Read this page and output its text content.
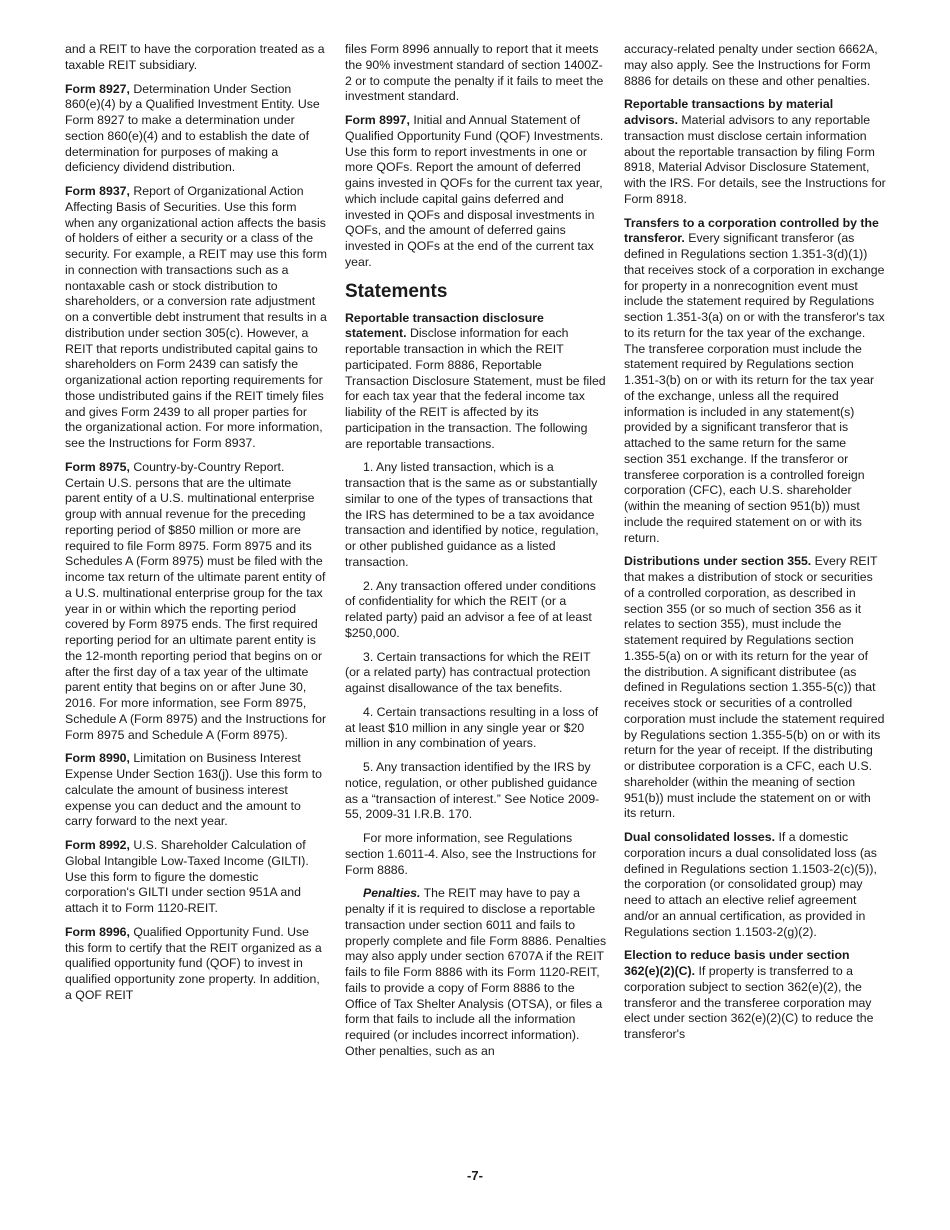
and a REIT to have the corporation treated as a taxable REIT subsidiary.

Form 8927, Determination Under Section 860(e)(4) by a Qualified Investment Entity. Use Form 8927 to make a determination under section 860(e)(4) and to establish the date of determination for purposes of making a deficiency dividend distribution.

Form 8937, Report of Organizational Action Affecting Basis of Securities. Use this form when any organizational action affects the basis of holders of either a security or a class of the security. For example, a REIT may use this form in connection with transactions such as a nontaxable cash or stock distribution to shareholders, or a conversion rate adjustment on a convertible debt instrument that results in a distribution under section 305(c). However, a REIT that reports undistributed capital gains to shareholders on Form 2439 can satisfy the organizational action reporting requirements for those undistributed gains if the REIT timely files and gives Form 2439 to all proper parties for the organizational action. For more information, see the Instructions for Form 8937.

Form 8975, Country-by-Country Report. Certain U.S. persons that are the ultimate parent entity of a U.S. multinational enterprise group with annual revenue for the preceding reporting period of $850 million or more are required to file Form 8975. Form 8975 and its Schedules A (Form 8975) must be filed with the income tax return of the ultimate parent entity of a U.S. multinational enterprise group for the tax year in or within which the reporting period covered by Form 8975 ends. The first required reporting period for an ultimate parent entity is the 12-month reporting period that begins on or after the first day of a tax year of the ultimate parent entity that begins on or after June 30, 2016. For more information, see Form 8975, Schedule A (Form 8975) and the Instructions for Form 8975 and Schedule A (Form 8975).

Form 8990, Limitation on Business Interest Expense Under Section 163(j). Use this form to calculate the amount of business interest expense you can deduct and the amount to carry forward to the next year.

Form 8992, U.S. Shareholder Calculation of Global Intangible Low-Taxed Income (GILTI). Use this form to figure the domestic corporation's GILTI under section 951A and attach it to Form 1120-REIT.

Form 8996, Qualified Opportunity Fund. Use this form to certify that the REIT organized as a qualified opportunity fund (QOF) to invest in qualified opportunity zone property. In addition, a QOF REIT

files Form 8996 annually to report that it meets the 90% investment standard of section 1400Z-2 or to compute the penalty if it fails to meet the investment standard.

Form 8997, Initial and Annual Statement of Qualified Opportunity Fund (QOF) Investments. Use this form to report investments in one or more QOFs. Report the amount of deferred gains invested in QOFs for the current tax year, which include capital gains deferred and invested in QOFs and disposal investments in QOFs, and the amount of deferred gains invested in QOFs at the end of the current tax year.

Statements

Reportable transaction disclosure statement. Disclose information for each reportable transaction in which the REIT participated. Form 8886, Reportable Transaction Disclosure Statement, must be filed for each tax year that the federal income tax liability of the REIT is affected by its participation in the transaction. The following are reportable transactions.

1. Any listed transaction, which is a transaction that is the same as or substantially similar to one of the types of transactions that the IRS has determined to be a tax avoidance transaction and identified by notice, regulation, or other published guidance as a listed transaction.

2. Any transaction offered under conditions of confidentiality for which the REIT (or a related party) paid an advisor a fee of at least $250,000.

3. Certain transactions for which the REIT (or a related party) has contractual protection against disallowance of the tax benefits.

4. Certain transactions resulting in a loss of at least $10 million in any single year or $20 million in any combination of years.

5. Any transaction identified by the IRS by notice, regulation, or other published guidance as a “transaction of interest.” See Notice 2009-55, 2009-31 I.R.B. 170.

For more information, see Regulations section 1.6011-4. Also, see the Instructions for Form 8886.

Penalties. The REIT may have to pay a penalty if it is required to disclose a reportable transaction under section 6011 and fails to properly complete and file Form 8886. Penalties may also apply under section 6707A if the REIT fails to file Form 8886 with its Form 1120-REIT, fails to provide a copy of Form 8886 to the Office of Tax Shelter Analysis (OTSA), or files a form that fails to include all the information required (or includes incorrect information). Other penalties, such as an

accuracy-related penalty under section 6662A, may also apply. See the Instructions for Form 8886 for details on these and other penalties.

Reportable transactions by material advisors. Material advisors to any reportable transaction must disclose certain information about the reportable transaction by filing Form 8918, Material Advisor Disclosure Statement, with the IRS. For details, see the Instructions for Form 8918.

Transfers to a corporation controlled by the transferor. Every significant transferor (as defined in Regulations section 1.351-3(d)(1)) that receives stock of a corporation in exchange for property in a nonrecognition event must include the statement required by Regulations section 1.351-3(a) on or with the transferor's tax to its return for the tax year of the exchange. The transferee corporation must include the statement required by Regulations section 1.351-3(b) on or with its return for the tax year of the exchange, unless all the required information is included in any statement(s) provided by a significant transferor that is attached to the same return for the same section 351 exchange. If the transferor or transferee corporation is a controlled foreign corporation (CFC), each U.S. shareholder (within the meaning of section 951(b)) must include the required statement on or with its return.

Distributions under section 355. Every REIT that makes a distribution of stock or securities of a controlled corporation, as described in section 355 (or so much of section 356 as it relates to section 355), must include the statement required by Regulations section 1.355-5(a) on or with its return for the year of the distribution. A significant distributee (as defined in Regulations section 1.355-5(c)) that receives stock or securities of a controlled corporation must include the statement required by Regulations section 1.355-5(b) on or with its return for the year of receipt. If the distributing or distributee corporation is a CFC, each U.S. shareholder (within the meaning of section 951(b)) must include the statement on or with its return.

Dual consolidated losses. If a domestic corporation incurs a dual consolidated loss (as defined in Regulations section 1.1503-2(c)(5)), the corporation (or consolidated group) may need to attach an elective relief agreement and/or an annual certification, as provided in Regulations section 1.1503-2(g)(2).

Election to reduce basis under section 362(e)(2)(C). If property is transferred to a corporation subject to section 362(e)(2), the transferor and the transferee corporation may elect under section 362(e)(2)(C) to reduce the transferor's

-7-
